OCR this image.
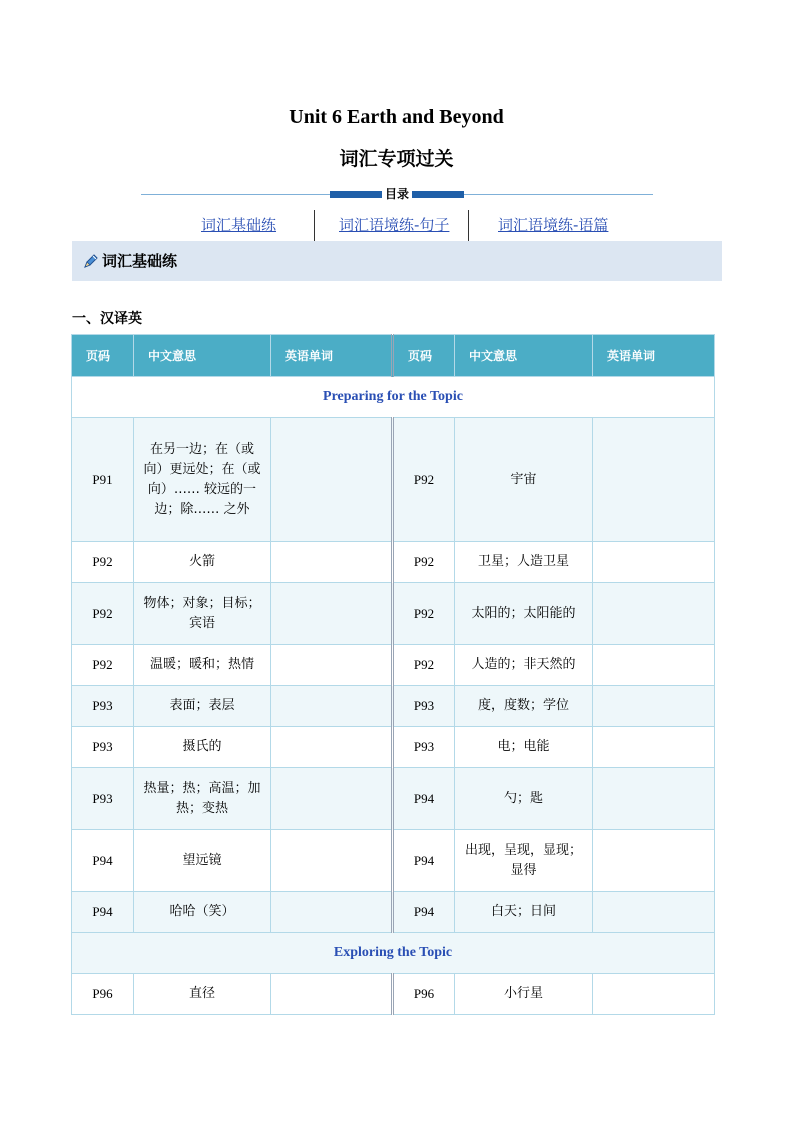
Unit 6 Earth and Beyond
词汇专项过关
目录
词汇基础练	词汇语境练-句子	词汇语境练-语篇
词汇基础练
一、汉译英
页码	中文意思	英语单词	页码	中文意思	英语单词
Preparing for the Topic					
P91	在另一边；在（或向）更远处；在（或向）…… 较远的一边；除…… 之外		P92	宇宙	
P92	火箭		P92	卫星；人造卫星	
P92	物体；对象；目标；宾语		P92	太阳的；太阳能的	
P92	温暖；暖和；热情		P92	人造的；非天然的	
P93	表面；表层		P93	度，度数；学位	
P93	摄氏的		P93	电；电能	
P93	热量；热；高温；加热；变热		P94	勺；匙	
P94	望远镜		P94	出现，呈现，显现；显得	
P94	哈哈（笑）		P94	白天；日间	
Exploring the Topic					
P96	直径		P96	小行星	
